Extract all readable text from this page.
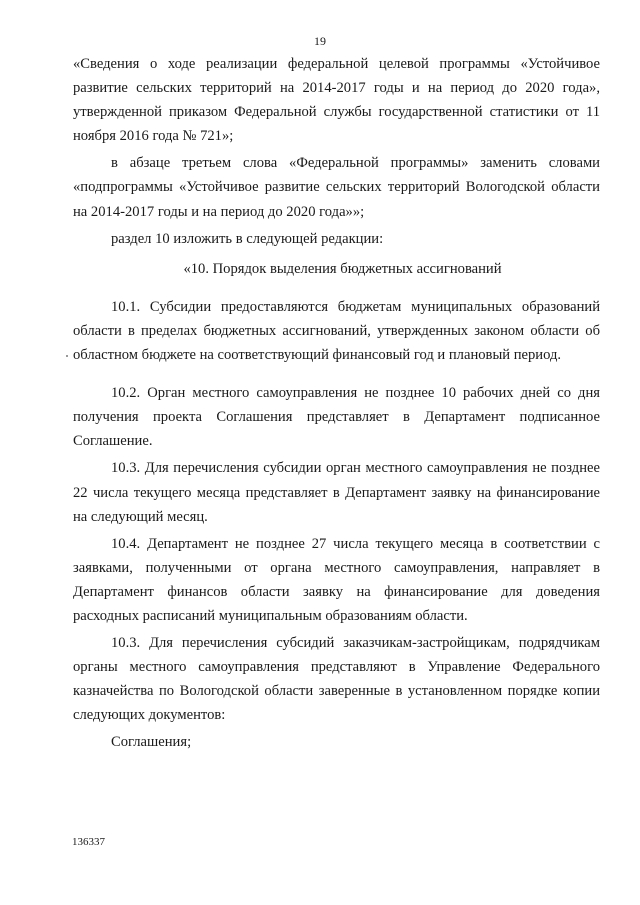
19

«Сведения о ходе реализации федеральной целевой программы «Устойчивое развитие сельских территорий на 2014-2017 годы и на период до 2020 года», утвержденной приказом Федеральной службы государственной статистики от 11 ноября 2016 года № 721»;

в абзаце третьем слова «Федеральной программы» заменить словами «подпрограммы «Устойчивое развитие сельских территорий Вологодской области на 2014-2017 годы и на период до 2020 года»»;

раздел 10 изложить в следующей редакции:

«10. Порядок выделения бюджетных ассигнований

10.1. Субсидии предоставляются бюджетам муниципальных образований области в пределах бюджетных ассигнований, утвержденных законом области об областном бюджете на соответствующий финансовый год и плановый период.

10.2. Орган местного самоуправления не позднее 10 рабочих дней со дня получения проекта Соглашения представляет в Департамент подписанное Соглашение.

10.3. Для перечисления субсидии орган местного самоуправления не позднее 22 числа текущего месяца представляет в Департамент заявку на финансирование на следующий месяц.

10.4. Департамент не позднее 27 числа текущего месяца в соответствии с заявками, полученными от органа местного самоуправления, направляет в Департамент финансов области заявку на финансирование для доведения расходных расписаний муниципальным образованиям области.

10.3. Для перечисления субсидий заказчикам-застройщикам, подрядчикам органы местного самоуправления представляют в Управление Федерального казначейства по Вологодской области заверенные в установленном порядке копии следующих документов:

Соглашения;

136337
